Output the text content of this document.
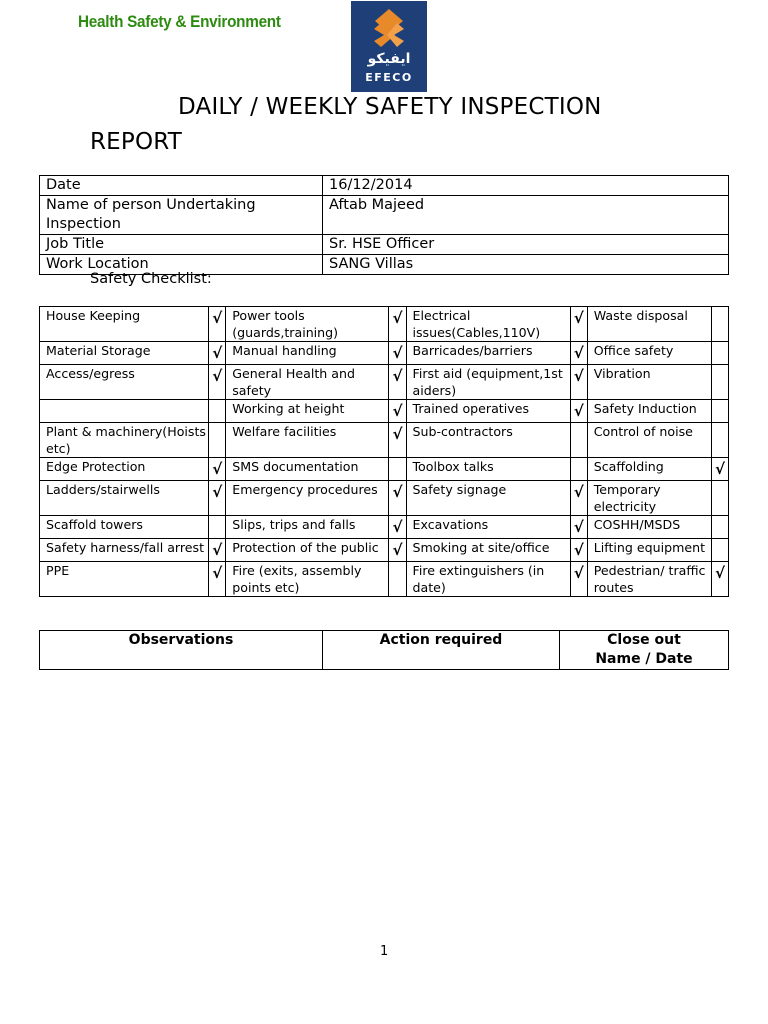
Health Safety & Environment
ايفيكو
EFECO
DAILY / WEEKLY SAFETY INSPECTION
REPORT
Date	16/12/2014
Name of person Undertaking Inspection	Aftab Majeed
Job Title	Sr. HSE Officer
Work Location	SANG Villas
Safety Checklist:
House Keeping	√	Power tools (guards,training)	√	Electrical issues(Cables,110V)	√	Waste disposal	
Material Storage	√	Manual handling	√	Barricades/barriers	√	Office safety	
Access/egress	√	General Health and safety	√	First aid (equipment,1st aiders)	√	Vibration	
		Working at height	√	Trained operatives	√	Safety Induction	
Plant & machinery(Hoists etc)		Welfare facilities	√	Sub-contractors		Control of noise	
Edge Protection	√	SMS documentation		Toolbox talks		Scaffolding	√
Ladders/stairwells	√	Emergency procedures	√	Safety signage	√	Temporary electricity	
Scaffold towers		Slips, trips and falls	√	Excavations	√	COSHH/MSDS	
Safety harness/fall arrest	√	Protection of the public	√	Smoking at site/office	√	Lifting equipment	
PPE	√	Fire (exits, assembly points etc)		Fire extinguishers (in date)	√	Pedestrian/ traffic routes	√
Observations	Action required	Close out
Name / Date
1
